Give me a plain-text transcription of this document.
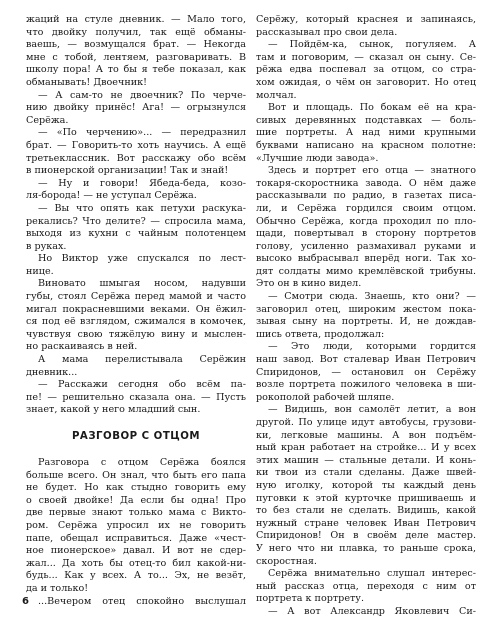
жаций на стуле дневник. — Мало того,
что двойку получил, так ещё обманы-
ваешь, — возмущался брат. — Некогда
мне с тобой, лентяем, разговаривать. В
школу пора! А то бы я тебе показал, как
обманывать! Двоечник!
— А сам-то не двоечник? По черче-
нию двойку принёс! Ага! — огрызнулся
Серёжа.
— «По черчению»... — передразнил
брат. — Говорить-то хоть научись. А ещё
третьеклассник. Вот расскажу обо всём
в пионерской организации! Так и знай!
— Ну и говори! Ябеда-беда, козо-
ля-борода! — не уступал Серёжа.
— Вы что опять как петухи раскука-
рекались? Что делите? — спросила мама,
выходя из кухни с чайным полотенцем
в руках.
Но Виктор уже спускался по лест-
нице.
Виновато шмыгая носом, надувши
губы, стоял Серёжа перед мамой и часто
мигал покрасневшими веками. Он ёжил-
ся под её взглядом, сжимался в комочек,
чувствуя свою тяжёлую вину и мыслен-
но раскаиваясь в ней.
А мама перелистывала Серёжин
дневник...
— Расскажи сегодня обо всём па-
пе! — решительно сказала она. — Пусть
знает, какой у него младший сын.
РАЗГОВОР С ОТЦОМ
Разговора с отцом Серёжа боялся
больше всего. Он знал, что быть его папа
не будет. Но как стыдно говорить ему
о своей двойке! Да если бы одна! Про
две первые знают только мама с Викто-
ром. Серёжа упросил их не говорить
папе, обещал исправиться. Даже «чест-
ное пионерское» давал. И вот не сдер-
жал... Да хоть бы отец-то бил какой-ни-
будь... Как у всех. А то... Эх, не везёт,
да и только!
...Вечером отец спокойно выслушал
Серёжу, который краснея и запинаясь,
рассказывал про свои дела.
— Пойдём-ка, сынок, погуляем. А
там и поговорим, — сказал он сыну. Се-
рёжа едва поспевал за отцом, со стра-
хом ожидая, о чём он заговорит. Но отец
молчал.
Вот и площадь. По бокам её на кра-
сивых деревянных подставках — боль-
шие портреты. А над ними крупными
буквами написано на красном полотне:
«Лучшие люди завода».
Здесь и портрет его отца — знатного
токаря-скоростника завода. О нём даже
рассказывали по радио, в газетах писа-
ли, и Серёжа гордился своим отцом.
Обычно Серёжа, когда проходил по пло-
щади, повертывал в сторону портретов
голову, усиленно размахивал руками и
высоко выбрасывал вперёд ноги. Так хо-
дят солдаты мимо кремлёвской трибуны.
Это он в кино видел.
— Смотри сюда. Знаешь, кто они? —
заговорил отец, широким жестом пока-
зывая сыну на портреты. И, не дождав-
шись ответа, продолжал:
— Это люди, которыми гордится
наш завод. Вот сталевар Иван Петрович
Спиридонов, — остановил он Серёжу
возле портрета пожилого человека в ши-
рокополой рабочей шляпе.
— Видишь, вон самолёт летит, а вон
другой. По улице идут автобусы, грузови-
ки, легковые машины. А вон подъём-
ный кран работает на стройке... И у всех
этих машин — стальные детали. И конь-
ки твои из стали сделаны. Даже швей-
ную иголку, которой ты каждый день
пуговки к этой курточке пришиваешь и
то без стали не сделать. Видишь, какой
нужный стране человек Иван Петрович
Спиридонов! Он в своём деле мастер.
У него что ни плавка, то раньше срока,
скоростная.
Серёжа внимательно слушал интерес-
ный рассказ отца, переходя с ним от
портрета к портрету.
— А вот Александр Яковлевич Си-
6
